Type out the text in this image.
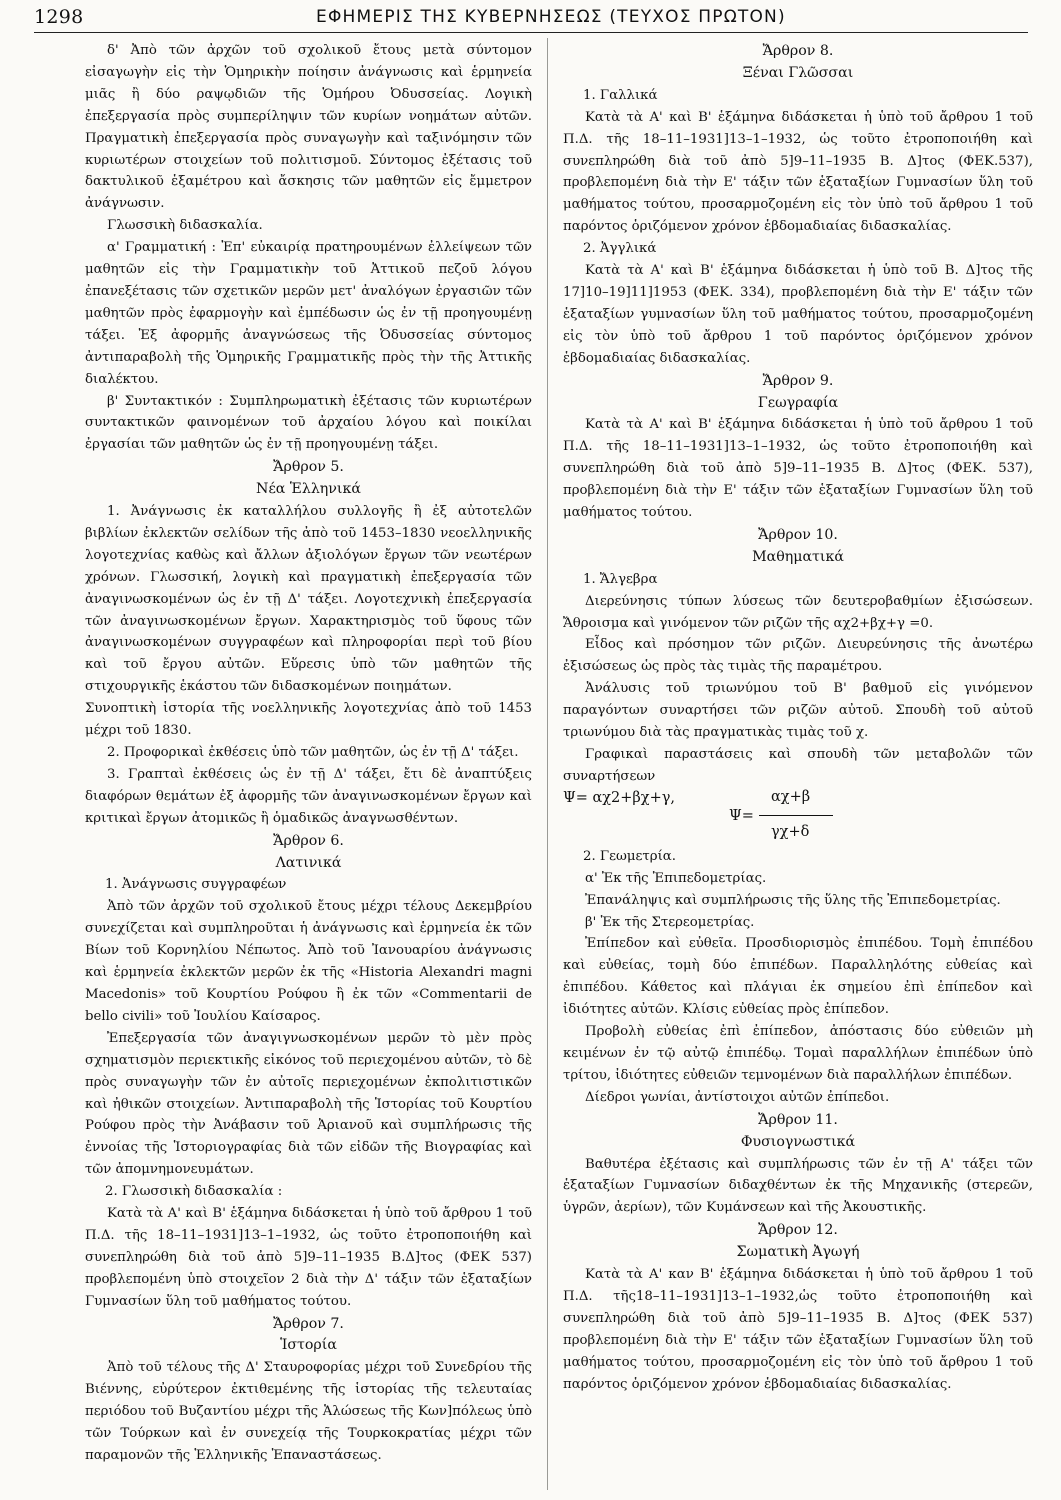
1298	ΕΦΗΜΕΡΙΣ ΤΗΣ ΚΥΒΕΡΝΗΣΕΩΣ (ΤΕΥΧΟΣ ΠΡΩΤΟΝ)

δ' Ἀπὸ τῶν ἀρχῶν τοῦ σχολικοῦ ἔτους μετὰ σύντομον εἰσαγωγὴν εἰς τὴν Ὁμηρικὴν ποίησιν ἀνάγνωσις καὶ ἑρμηνεία μιᾶς ἢ δύο ραψῳδιῶν τῆς Ὁμήρου Ὀδυσσείας. Λογικὴ ἐπεξεργασία πρὸς συμπερίληψιν τῶν κυρίων νοημάτων αὐτῶν. Πραγματικὴ ἐπεξεργασία πρὸς συναγωγὴν καὶ ταξινόμησιν τῶν κυριωτέρων στοιχείων τοῦ πολιτισμοῦ. Σύντομος ἐξέτασις τοῦ δακτυλικοῦ ἑξαμέτρου καὶ ἄσκησις τῶν μαθητῶν εἰς ἔμμετρον ἀνάγνωσιν.

Γλωσσικὴ διδασκαλία.

α' Γραμματική : Ἐπ' εὐκαιρίᾳ πρατηρουμένων ἐλλείψεων τῶν μαθητῶν εἰς τὴν Γραμματικὴν τοῦ Ἀττικοῦ πεζοῦ λόγου ἐπανεξέτασις τῶν σχετικῶν μερῶν μετ' ἀναλόγων ἐργασιῶν τῶν μαθητῶν πρὸς ἐφαρμογὴν καὶ ἐμπέδωσιν ὡς ἐν τῇ προηγουμένῃ τάξει. Ἐξ ἀφορμῆς ἀναγνώσεως τῆς Ὀδυσσείας σύντομος ἀντιπαραβολὴ τῆς Ὁμηρικῆς Γραμματικῆς πρὸς τὴν τῆς Ἀττικῆς διαλέκτου.

β' Συντακτικόν : Συμπληρωματικὴ ἐξέτασις τῶν κυριωτέρων συντακτικῶν φαινομένων τοῦ ἀρχαίου λόγου καὶ ποικίλαι ἐργασίαι τῶν μαθητῶν ὡς ἐν τῇ προηγουμένῃ τάξει.

Ἄρθρον 5.

Νέα Ἑλληνικά

1. Ἀνάγνωσις ἐκ καταλλήλου συλλογῆς ἢ ἐξ αὐτοτελῶν βιβλίων ἐκλεκτῶν σελίδων τῆς ἀπὸ τοῦ 1453–1830 νεοελληνικῆς λογοτεχνίας καθὼς καὶ ἄλλων ἀξιολόγων ἔργων τῶν νεωτέρων χρόνων. Γλωσσική, λογικὴ καὶ πραγματικὴ ἐπεξεργασία τῶν ἀναγινωσκομένων ὡς ἐν τῇ Δ' τάξει. Λογοτεχνικὴ ἐπεξεργασία τῶν ἀναγινωσκομένων ἔργων. Χαρακτηρισμὸς τοῦ ὕφους τῶν ἀναγινωσκομένων συγγραφέων καὶ πληροφορίαι περὶ τοῦ βίου καὶ τοῦ ἔργου αὐτῶν. Εὕρεσις ὑπὸ τῶν μαθητῶν τῆς στιχουργικῆς ἑκάστου τῶν διδασκομένων ποιημάτων.

Συνοπτικὴ ἱστορία τῆς νοελληνικῆς λογοτεχνίας ἀπὸ τοῦ 1453 μέχρι τοῦ 1830.

2. Προφορικαὶ ἐκθέσεις ὑπὸ τῶν μαθητῶν, ὡς ἐν τῇ Δ' τάξει.

3. Γραπταὶ ἐκθέσεις ὡς ἐν τῇ Δ' τάξει, ἔτι δὲ ἀναπτύξεις διαφόρων θεμάτων ἐξ ἀφορμῆς τῶν ἀναγινωσκομένων ἔργων καὶ κριτικαὶ ἔργων ἀτομικῶς ἢ ὁμαδικῶς ἀναγνωσθέντων.

Ἄρθρον 6.

Λατινικά

1. Ἀνάγνωσις συγγραφέων

Ἀπὸ τῶν ἀρχῶν τοῦ σχολικοῦ ἔτους μέχρι τέλους Δεκεμβρίου συνεχίζεται καὶ συμπληροῦται ἡ ἀνάγνωσις καὶ ἑρμηνεία ἐκ τῶν Βίων τοῦ Κορνηλίου Νέπωτος. Ἀπὸ τοῦ Ἰανουαρίου ἀνάγνωσις καὶ ἑρμηνεία ἐκλεκτῶν μερῶν ἐκ τῆς «Historia Alexandri magni Macedonis» τοῦ Κουρτίου Ρούφου ἢ ἐκ τῶν «Commentarii de bello civili» τοῦ Ἰουλίου Καίσαρος.

Ἐπεξεργασία τῶν ἀναγιγνωσκομένων μερῶν τὸ μὲν πρὸς σχηματισμὸν περιεκτικῆς εἰκόνος τοῦ περιεχομένου αὐτῶν, τὸ δὲ πρὸς συναγωγὴν τῶν ἐν αὐτοῖς περιεχομένων ἐκπολιτιστικῶν καὶ ἠθικῶν στοιχείων. Ἀντιπαραβολὴ τῆς Ἱστορίας τοῦ Κουρτίου Ρούφου πρὸς τὴν Ἀνάβασιν τοῦ Ἀριανοῦ καὶ συμπλήρωσις τῆς ἐννοίας τῆς Ἱστοριογραφίας διὰ τῶν εἰδῶν τῆς Βιογραφίας καὶ τῶν ἀπομνημονευμάτων.

2. Γλωσσικὴ διδασκαλία :

Κατὰ τὰ Α' καὶ Β' ἑξάμηνα διδάσκεται ἡ ὑπὸ τοῦ ἄρθρου 1 τοῦ Π.Δ. τῆς 18–11–1931]13–1–1932, ὡς τοῦτο ἐτροποποιήθη καὶ συνεπληρώθη διὰ τοῦ ἀπὸ 5]9–11–1935 Β.Δ]τος (ΦΕΚ 537) προβλεπομένη ὑπὸ στοιχεῖον 2 διὰ τὴν Δ' τάξιν τῶν ἑξαταξίων Γυμνασίων ὕλη τοῦ μαθήματος τούτου.

Ἄρθρον 7.

Ἱστορία

Ἀπὸ τοῦ τέλους τῆς Δ' Σταυροφορίας μέχρι τοῦ Συνεδρίου τῆς Βιέννης, εὐρύτερον ἐκτιθεμένης τῆς ἱστορίας τῆς τελευταίας περιόδου τοῦ Βυζαντίου μέχρι τῆς Ἁλώσεως τῆς Κων]πόλεως ὑπὸ τῶν Τούρκων καὶ ἐν συνεχείᾳ τῆς Τουρκοκρατίας μέχρι τῶν παραμονῶν τῆς Ἑλληνικῆς Ἐπαναστάσεως.

Ἄρθρον 8.

Ξέναι Γλῶσσαι

1. Γαλλικά

Κατὰ τὰ Α' καὶ Β' ἑξάμηνα διδάσκεται ἡ ὑπὸ τοῦ ἄρθρου 1 τοῦ Π.Δ. τῆς 18–11–1931]13–1–1932, ὡς τοῦτο ἐτροποποιήθη καὶ συνεπληρώθη διὰ τοῦ ἀπὸ 5]9–11–1935 Β. Δ]τος (ΦΕΚ.537), προβλεπομένη διὰ τὴν Ε' τάξιν τῶν ἑξαταξίων Γυμνασίων ὕλη τοῦ μαθήματος τούτου, προσαρμοζομένη εἰς τὸν ὑπὸ τοῦ ἄρθρου 1 τοῦ παρόντος ὁριζόμενον χρόνον ἑβδομαδιαίας διδασκαλίας.

2. Ἀγγλικά

Κατὰ τὰ Α' καὶ Β' ἑξάμηνα διδάσκεται ἡ ὑπὸ τοῦ Β. Δ]τος τῆς 17]10–19]11]1953 (ΦΕΚ. 334), προβλεπομένη διὰ τὴν Ε' τάξιν τῶν ἑξαταξίων γυμνασίων ὕλη τοῦ μαθήματος τούτου, προσαρμοζομένη εἰς τὸν ὑπὸ τοῦ ἄρθρου 1 τοῦ παρόντος ὁριζόμενον χρόνον ἑβδομαδιαίας διδασκαλίας.

Ἄρθρον 9.

Γεωγραφία

Κατὰ τὰ Α' καὶ Β' ἑξάμηνα διδάσκεται ἡ ὑπὸ τοῦ ἄρθρου 1 τοῦ Π.Δ. τῆς 18–11–1931]13–1–1932, ὡς τοῦτο ἐτροποποιήθη καὶ συνεπληρώθη διὰ τοῦ ἀπὸ 5]9–11–1935 Β. Δ]τος (ΦΕΚ. 537), προβλεπομένη διὰ τὴν Ε' τάξιν τῶν ἑξαταξίων Γυμνασίων ὕλη τοῦ μαθήματος τούτου.

Ἄρθρον 10.

Μαθηματικά

1. Ἄλγεβρα

Διερεύνησις τύπων λύσεως τῶν δευτεροβαθμίων ἐξισώσεων. Ἄθροισμα καὶ γινόμενον τῶν ριζῶν τῆς αχ2+βχ+γ =0.

Εἶδος καὶ πρόσημον τῶν ριζῶν. Διευρεύνησις τῆς ἀνωτέρω ἐξισώσεως ὡς πρὸς τὰς τιμὰς τῆς παραμέτρου.

Ἀνάλυσις τοῦ τριωνύμου τοῦ Β' βαθμοῦ εἰς γινόμενον παραγόντων συναρτήσει τῶν ριζῶν αὐτοῦ. Σπουδὴ τοῦ αὐτοῦ τριωνύμου διὰ τὰς πραγματικὰς τιμὰς τοῦ χ.

Γραφικαὶ παραστάσεις καὶ σπουδὴ τῶν μεταβολῶν τῶν συναρτήσεων

Ψ= αχ2+βχ+γ,
Ψ=
αχ+β
γχ+δ

2. Γεωμετρία.

α' Ἐκ τῆς Ἐπιπεδομετρίας.

Ἐπανάληψις καὶ συμπλήρωσις τῆς ὕλης τῆς Ἐπιπεδομετρίας.

β' Ἐκ τῆς Στερεομετρίας.

Ἐπίπεδον καὶ εὐθεῖα. Προσδιορισμὸς ἐπιπέδου. Τομὴ ἐπιπέδου καὶ εὐθείας, τομὴ δύο ἐπιπέδων. Παραλληλότης εὐθείας καὶ ἐπιπέδου. Κάθετος καὶ πλάγιαι ἐκ σημείου ἐπὶ ἐπίπεδον καὶ ἰδιότητες αὐτῶν. Κλίσις εὐθείας πρὸς ἐπίπεδον.

Προβολὴ εὐθείας ἐπὶ ἐπίπεδον, ἀπόστασις δύο εὐθειῶν μὴ κειμένων ἐν τῷ αὐτῷ ἐπιπέδῳ. Τομαὶ παραλλήλων ἐπιπέδων ὑπὸ τρίτου, ἰδιότητες εὐθειῶν τεμνομένων διὰ παραλλήλων ἐπιπέδων.

Δίεδροι γωνίαι, ἀντίστοιχοι αὐτῶν ἐπίπεδοι.

Ἄρθρον 11.

Φυσιογνωστικά

Βαθυτέρα ἐξέτασις καὶ συμπλήρωσις τῶν ἐν τῇ Α' τάξει τῶν ἑξαταξίων Γυμνασίων διδαχθέντων ἐκ τῆς Μηχανικῆς (στερεῶν, ὑγρῶν, ἀερίων), τῶν Κυμάνσεων καὶ τῆς Ἀκουστικῆς.

Ἄρθρον 12.

Σωματικὴ Ἀγωγή

Κατὰ τὰ Α' καν Β' ἑξάμηνα διδάσκεται ἡ ὑπὸ τοῦ ἄρθρου 1 τοῦ Π.Δ. τῆς18–11–1931]13–1–1932,ὡς τοῦτο ἐτροποποιήθη καὶ συνεπληρώθη διὰ τοῦ ἀπὸ 5]9–11–1935 Β. Δ]τος (ΦΕΚ 537) προβλεπομένη διὰ τὴν Ε' τάξιν τῶν ἑξαταξίων Γυμνασίων ὕλη τοῦ μαθήματος τούτου, προσαρμοζομένη εἰς τὸν ὑπὸ τοῦ ἄρθρου 1 τοῦ παρόντος ὁριζόμενον χρόνον ἑβδομαδιαίας διδασκαλίας.
